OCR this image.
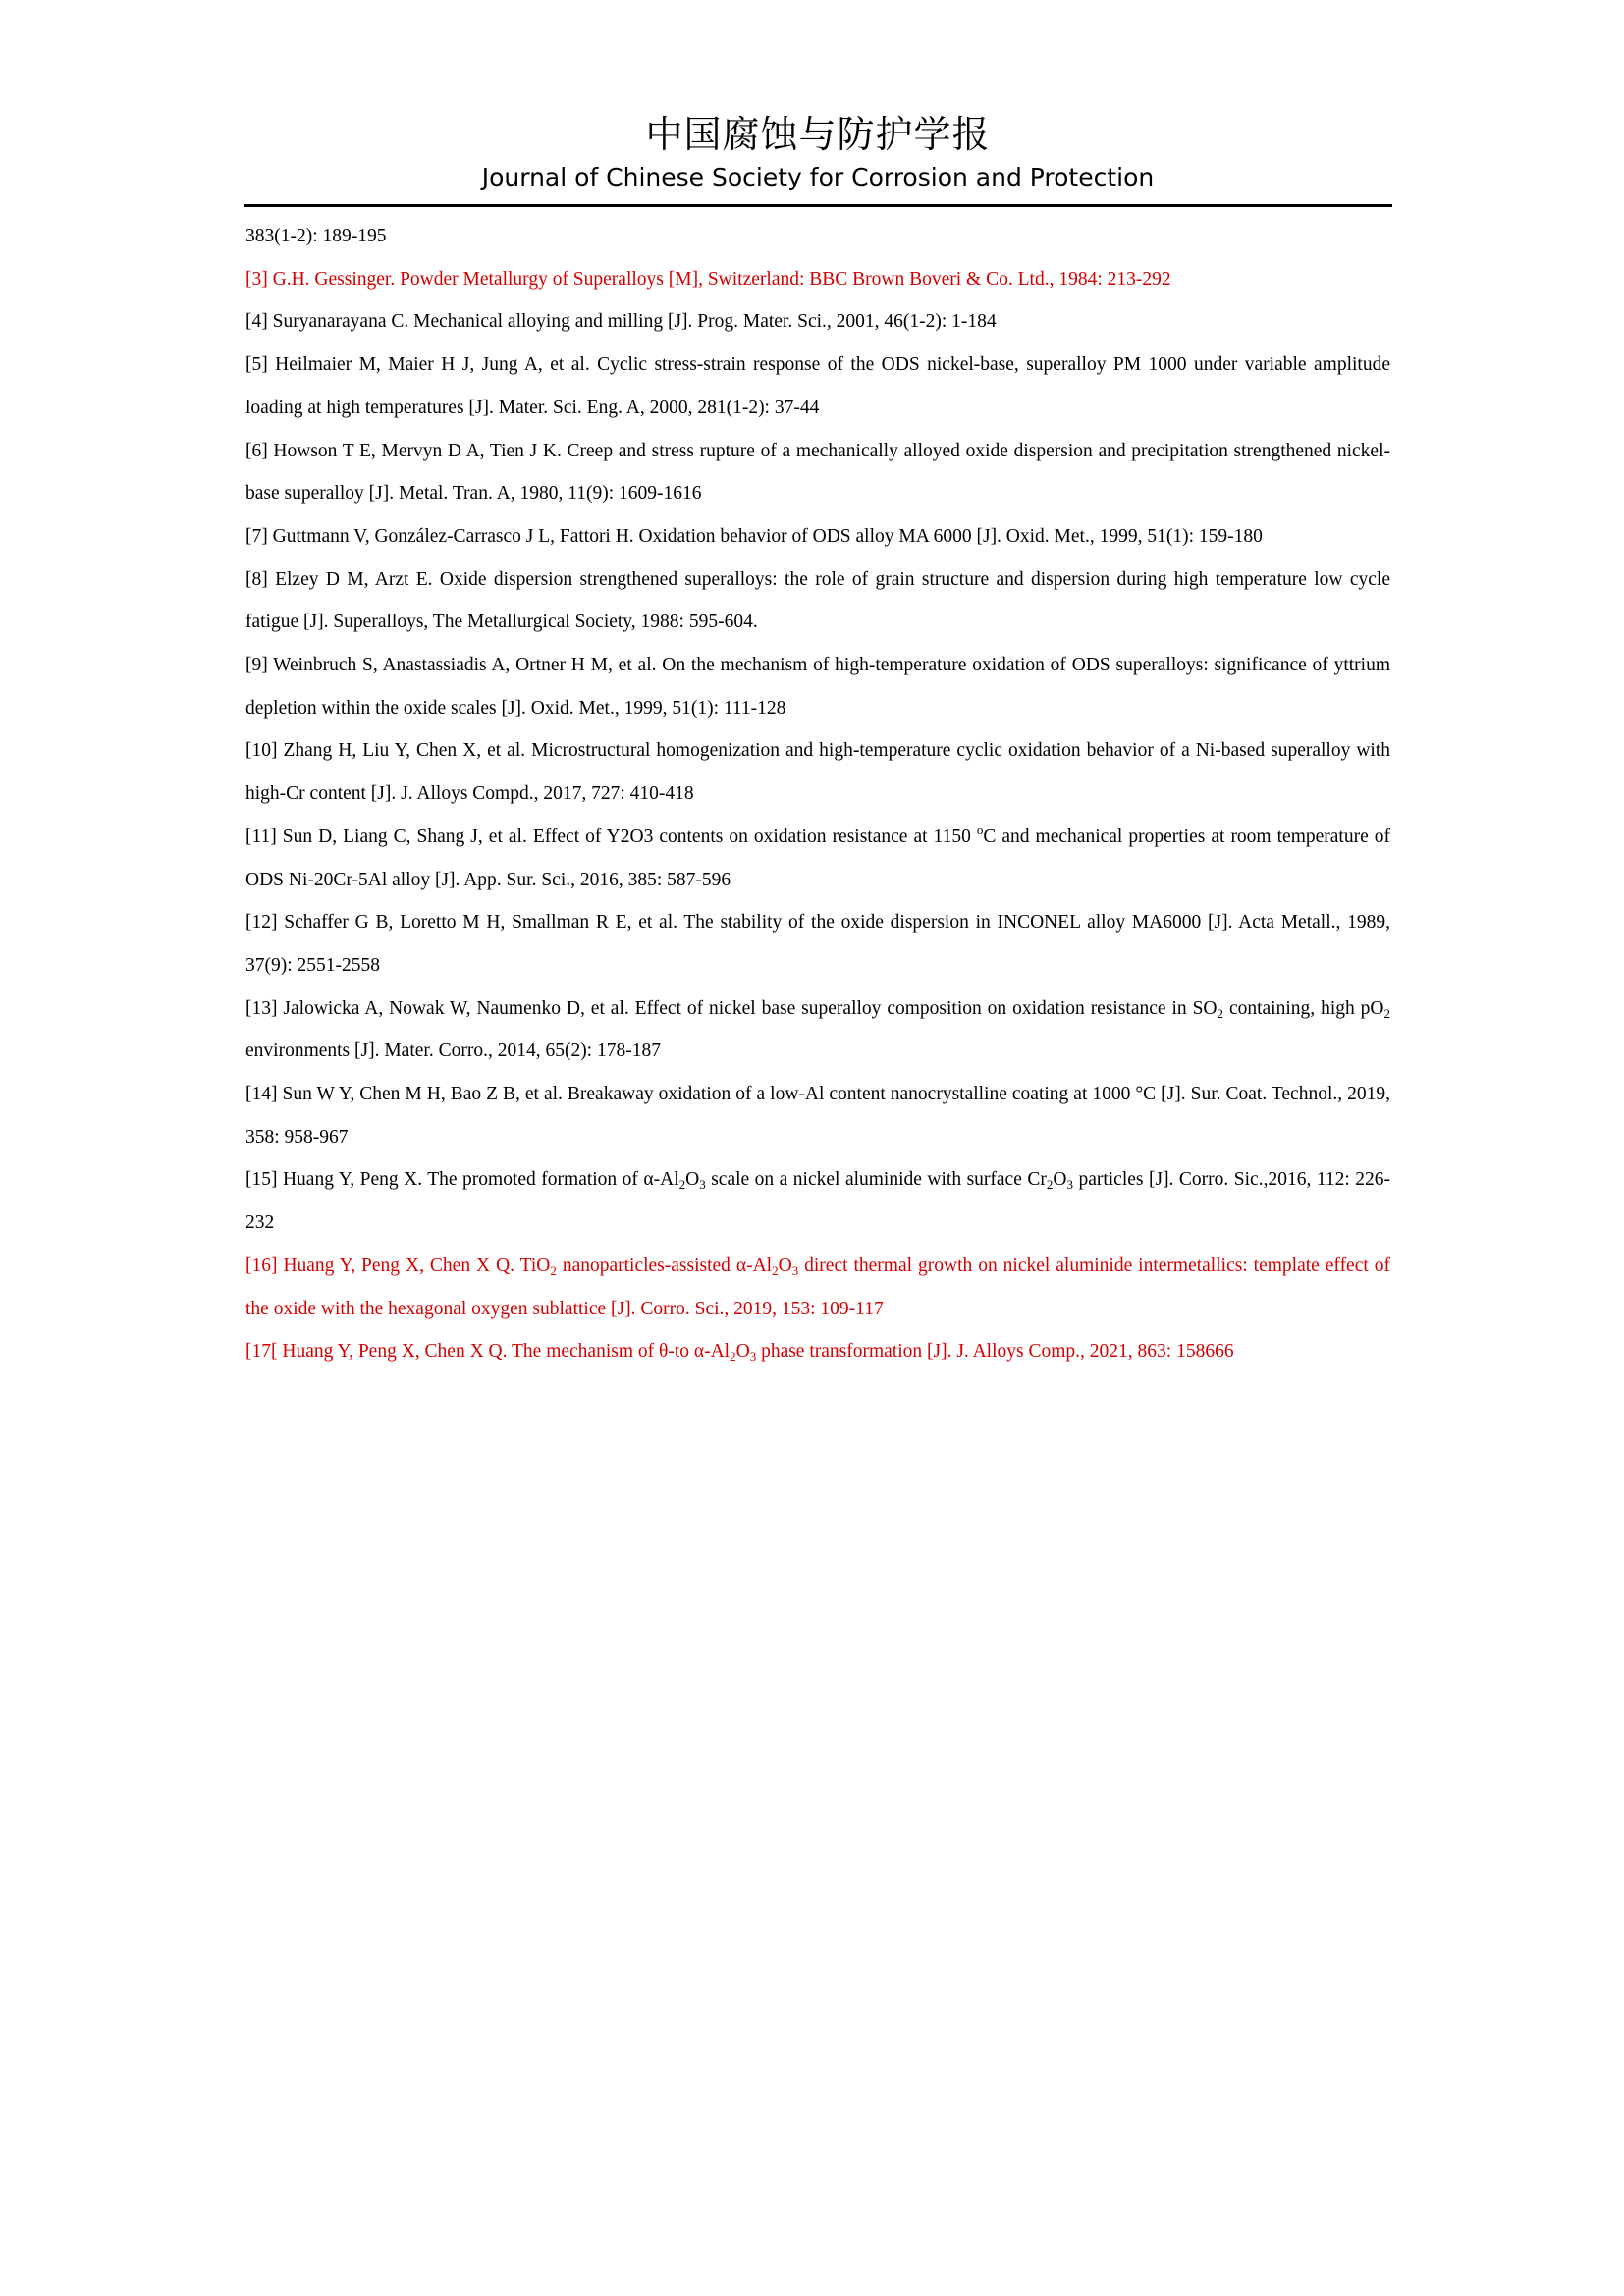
中国腐蚀与防护学报
Journal of Chinese Society for Corrosion and Protection

383(1-2): 189-195

[3] G.H. Gessinger. Powder Metallurgy of Superalloys [M], Switzerland: BBC Brown Boveri & Co. Ltd., 1984: 213-292

[4] Suryanarayana C. Mechanical alloying and milling [J]. Prog. Mater. Sci., 2001, 46(1-2): 1-184

[5] Heilmaier M, Maier H J, Jung A, et al. Cyclic stress-strain response of the ODS nickel-base, superalloy PM 1000 under variable amplitude loading at high temperatures [J]. Mater. Sci. Eng. A, 2000, 281(1-2): 37-44

[6] Howson T E, Mervyn D A, Tien J K. Creep and stress rupture of a mechanically alloyed oxide dispersion and precipitation strengthened nickel-base superalloy [J]. Metal. Tran. A, 1980, 11(9): 1609-1616

[7] Guttmann V, González-Carrasco J L, Fattori H. Oxidation behavior of ODS alloy MA 6000 [J]. Oxid. Met., 1999, 51(1): 159-180

[8] Elzey D M, Arzt E. Oxide dispersion strengthened superalloys: the role of grain structure and dispersion during high temperature low cycle fatigue [J]. Superalloys, The Metallurgical Society, 1988: 595-604.

[9] Weinbruch S, Anastassiadis A, Ortner H M, et al. On the mechanism of high-temperature oxidation of ODS superalloys: significance of yttrium depletion within the oxide scales [J]. Oxid. Met., 1999, 51(1): 111-128

[10] Zhang H, Liu Y, Chen X, et al. Microstructural homogenization and high-temperature cyclic oxidation behavior of a Ni-based superalloy with high-Cr content [J]. J. Alloys Compd., 2017, 727: 410-418

[11] Sun D, Liang C, Shang J, et al. Effect of Y2O3 contents on oxidation resistance at 1150 $^o$C and mechanical properties at room temperature of ODS Ni-20Cr-5Al alloy [J]. App. Sur. Sci., 2016, 385: 587-596

[12] Schaffer G B, Loretto M H, Smallman R E, et al. The stability of the oxide dispersion in INCONEL alloy MA6000 [J]. Acta Metall., 1989, 37(9): 2551-2558

[13] Jalowicka A, Nowak W, Naumenko D, et al. Effect of nickel base superalloy composition on oxidation resistance in $SO_2$ containing, high $pO_2$ environments [J]. Mater. Corro., 2014, 65(2): 178-187

[14] Sun W Y, Chen M H, Bao Z B, et al. Breakaway oxidation of a low-Al content nanocrystalline coating at 1000 °C [J]. Sur. Coat. Technol., 2019, 358: 958-967

[15] Huang Y, Peng X. The promoted formation of $\alpha-Al_2O_3$ scale on a nickel aluminide with surface $Cr_2O_3$ particles [J]. Corro. Sic.,2016, 112: 226-232

[16] Huang Y, Peng X, Chen X Q. TiO$_2$ nanoparticles-assisted $\alpha-Al_2O_3$ direct thermal growth on nickel aluminide intermetallics: template effect of the oxide with the hexagonal oxygen sublattice [J]. Corro. Sci., 2019, 153: 109-117

[17[ Huang Y, Peng X, Chen X Q. The mechanism of θ-to $\alpha-Al_2O_3$ phase transformation [J]. J. Alloys Comp., 2021, 863: 158666
